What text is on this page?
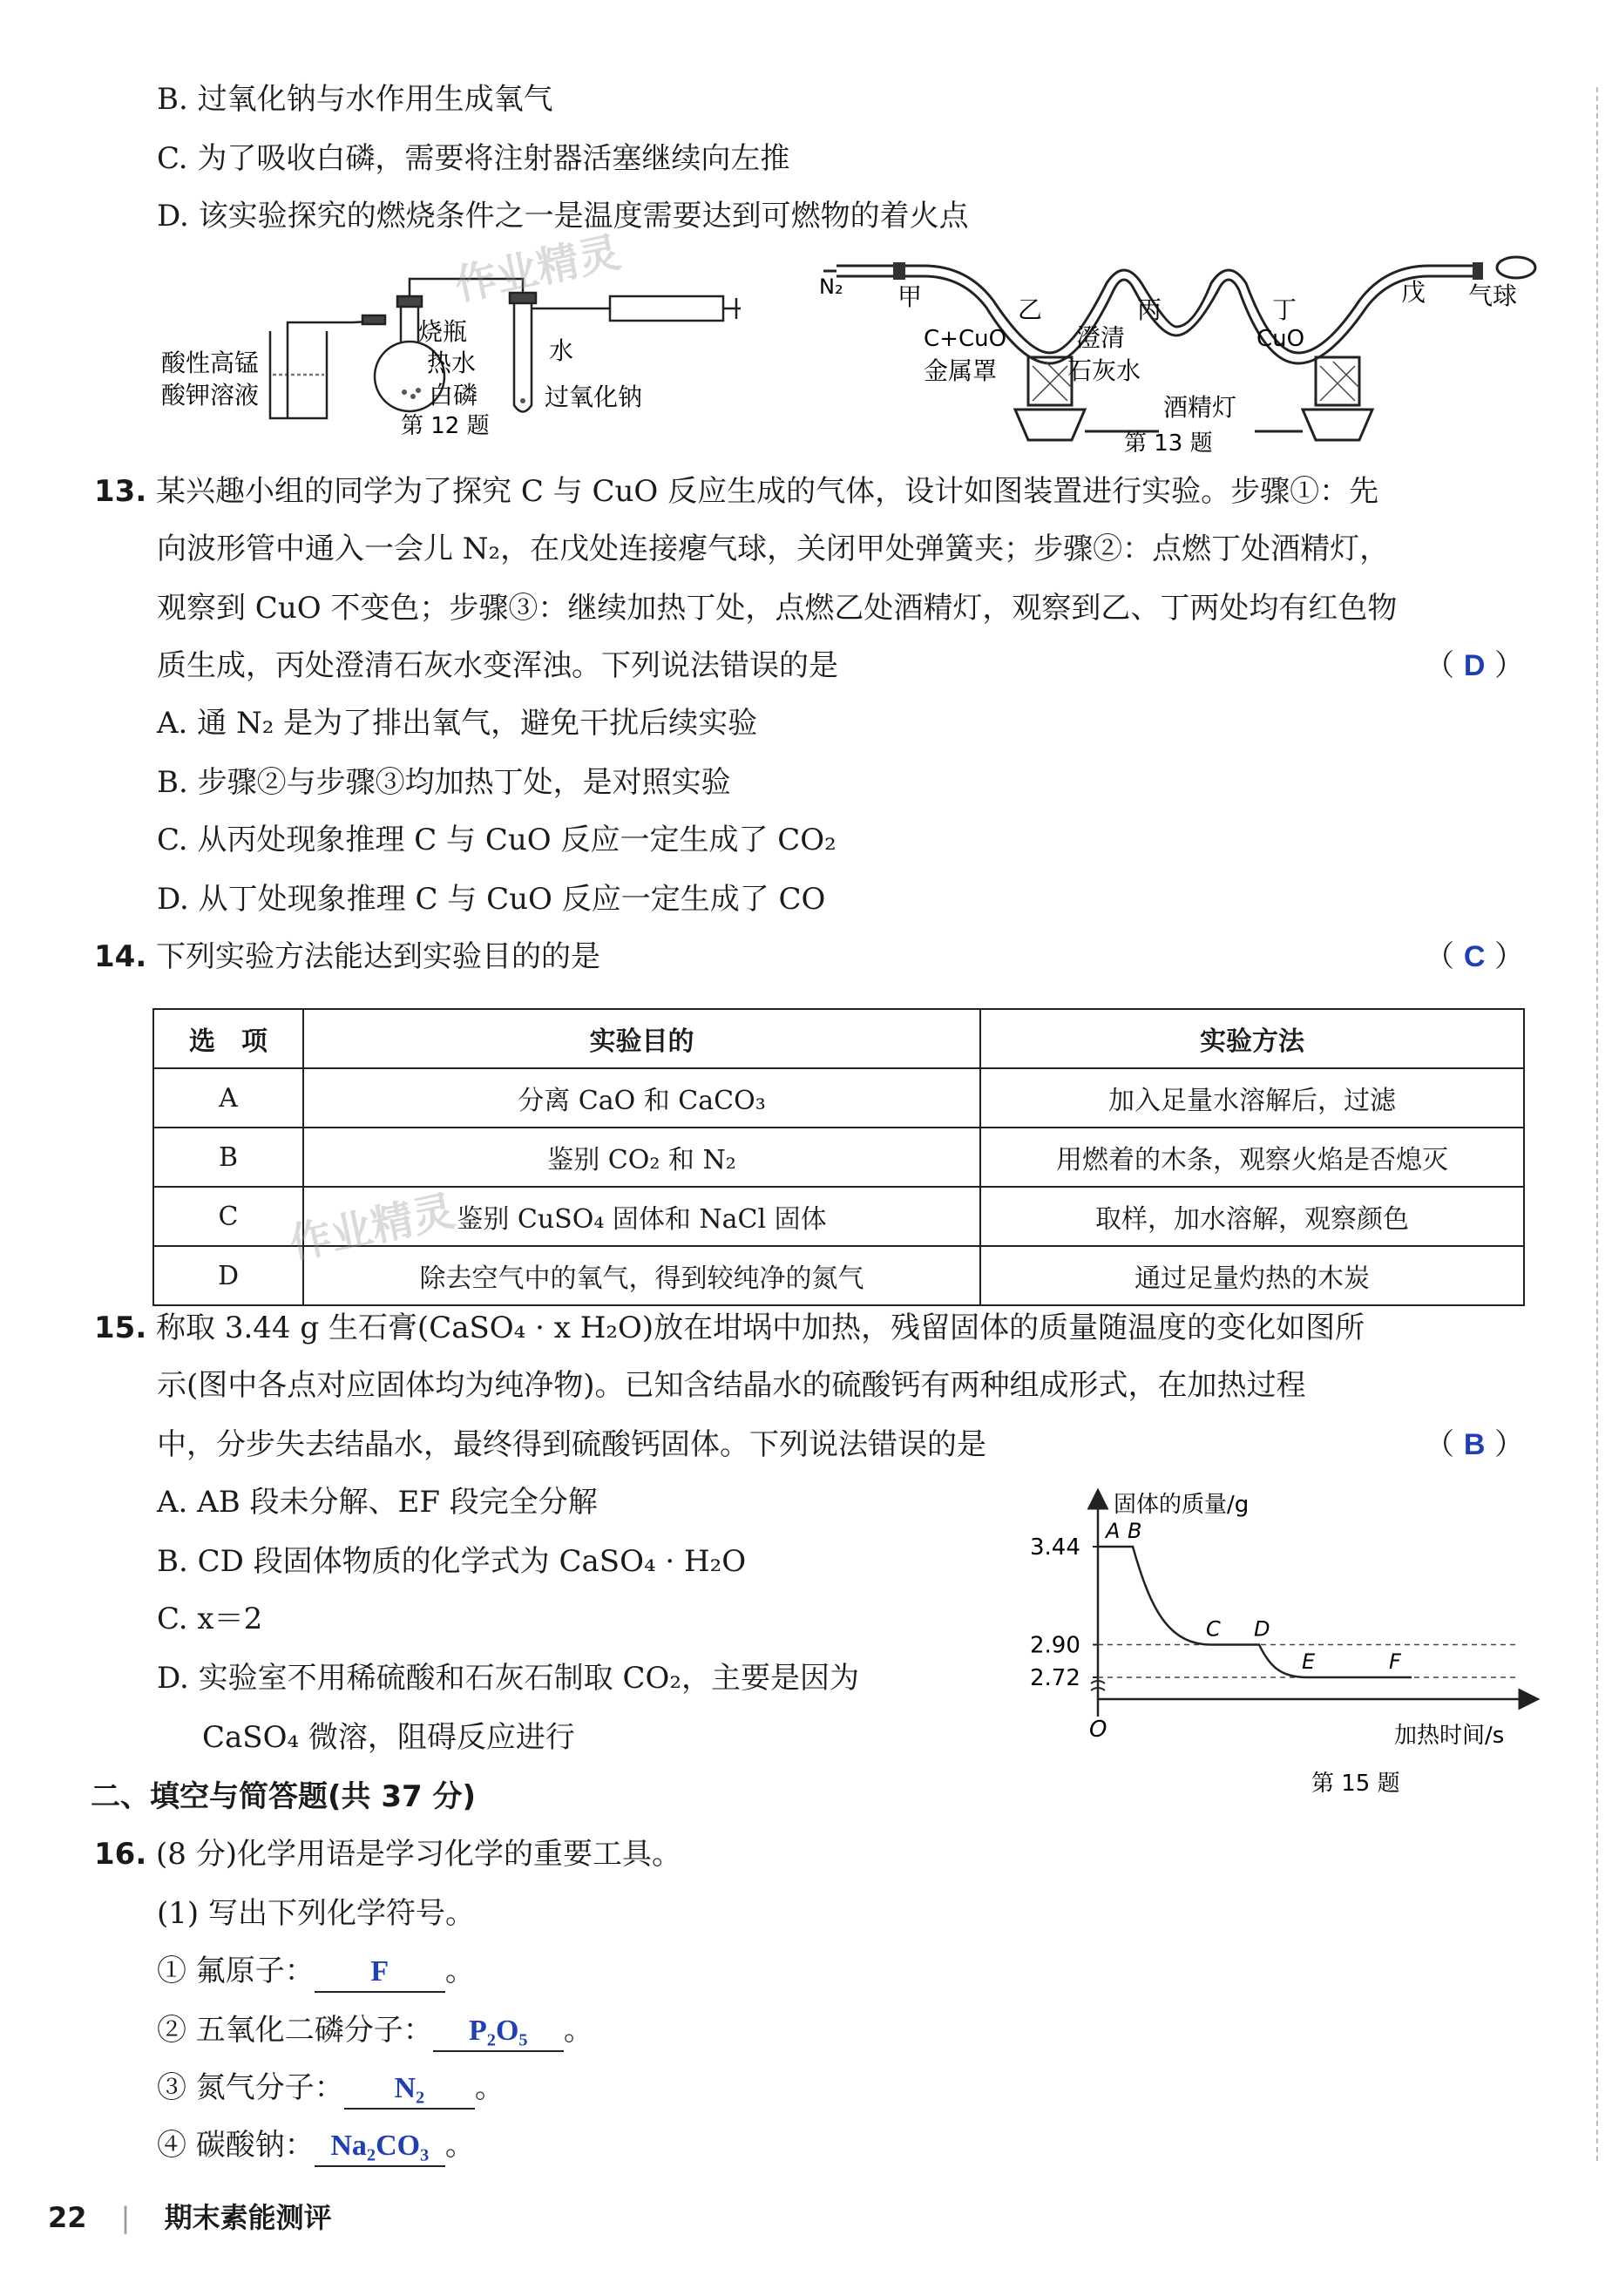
B. 过氧化钠与水作用生成氧气
C. 为了吸收白磷，需要将注射器活塞继续向左推
D. 该实验探究的燃烧条件之一是温度需要达到可燃物的着火点
烧瓶
热水
白磷
水
过氧化钠
酸性高锰
酸钾溶液
第 12 题
N₂ 甲	乙	丙	丁
戊 气球
C+CuO
金属罩
澄清
石灰水
CuO
酒精灯
第 13 题
13. 某兴趣小组的同学为了探究 C 与 CuO 反应生成的气体，设计如图装置进行实验。步骤①：先
向波形管中通入一会儿 N₂，在戊处连接瘪气球，关闭甲处弹簧夹；步骤②：点燃丁处酒精灯，
观察到 CuO 不变色；步骤③：继续加热丁处，点燃乙处酒精灯，观察到乙、丁两处均有红色物
质生成，丙处澄清石灰水变浑浊。下列说法错误的是	（ D ）
A. 通 N₂ 是为了排出氧气，避免干扰后续实验
B. 步骤②与步骤③均加热丁处，是对照实验
C. 从丙处现象推理 C 与 CuO 反应一定生成了 CO₂
D. 从丁处现象推理 C 与 CuO 反应一定生成了 CO
14. 下列实验方法能达到实验目的的是	（ C ）
选　项	实验目的	实验方法
A	分离 CaO 和 CaCO₃	加入足量水溶解后，过滤
B	鉴别 CO₂ 和 N₂	用燃着的木条，观察火焰是否熄灭
C	鉴别 CuSO₄ 固体和 NaCl 固体	取样，加水溶解，观察颜色
D	除去空气中的氧气，得到较纯净的氮气	通过足量灼热的木炭
15. 称取 3.44 g 生石膏(CaSO₄ · x H₂O)放在坩埚中加热，残留固体的质量随温度的变化如图所
示(图中各点对应固体均为纯净物)。已知含结晶水的硫酸钙有两种组成形式，在加热过程
中，分步失去结晶水，最终得到硫酸钙固体。下列说法错误的是	（ B ）
A. AB 段未分解、EF 段完全分解
B. CD 段固体物质的化学式为 CaSO₄ · H₂O
C. x＝2
D. 实验室不用稀硫酸和石灰石制取 CO₂，主要是因为
CaSO₄ 微溶，阻碍反应进行
固体的质量/g
加热时间/s
O
第 15 题
3.44
2.90
2.72
A B
C D
E	F
二、填空与简答题(共 37 分)
16. (8 分)化学用语是学习化学的重要工具。
(1) 写出下列化学符号。
① 氟原子： F 。
② 五氧化二磷分子： P₂O₅ 。
③ 氮气分子： N₂ 。
④ 碳酸钠： Na₂CO₃ 。
22 | 期末素能测评
作业精灵
作业精灵
